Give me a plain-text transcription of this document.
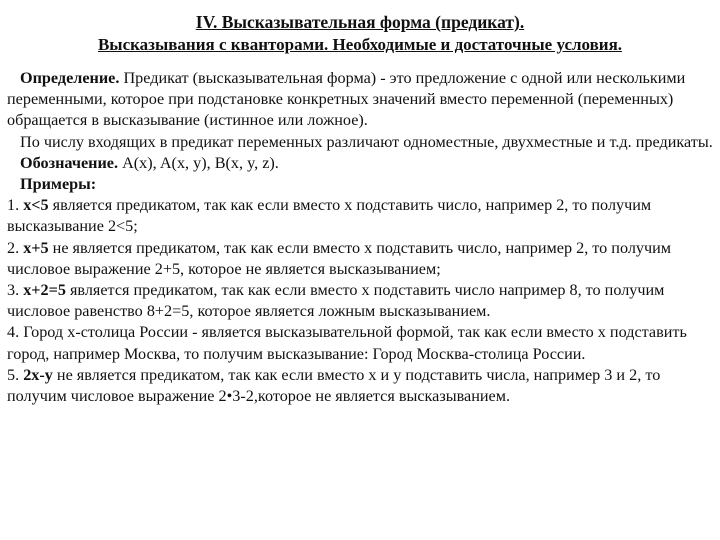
IV. Высказывательная форма (предикат).
Высказывания с кванторами. Необходимые и достаточные условия.

Определение. Предикат (высказывательная форма) - это предложение с одной или несколькими переменными, которое при подстановке конкретных значений вместо переменной (переменных) обращается в высказывание (истинное или ложное).

По числу входящих в предикат переменных различают одноместные, двухместные и т.д. предикаты.

Обозначение. A(x), A(x, y), B(x, y, z).

Примеры:

1. x<5 является предикатом, так как если вместо x подставить число, например 2, то получим высказывание 2<5;

2. x+5 не является предикатом, так как если вместо x подставить число, например 2, то получим числовое выражение 2+5, которое не является высказыванием;

3. x+2=5 является предикатом, так как если вместо x подставить число например 8, то получим числовое равенство 8+2=5, которое является ложным высказыванием.

4. Город x-столица России - является высказывательной формой, так как если вместо x подставить город, например Москва, то получим высказывание: Город Москва-столица России.

5. 2x-y не является предикатом, так как если вместо x и y подставить числа, например 3 и 2, то получим числовое выражение 2•3-2,которое не является высказыванием.
